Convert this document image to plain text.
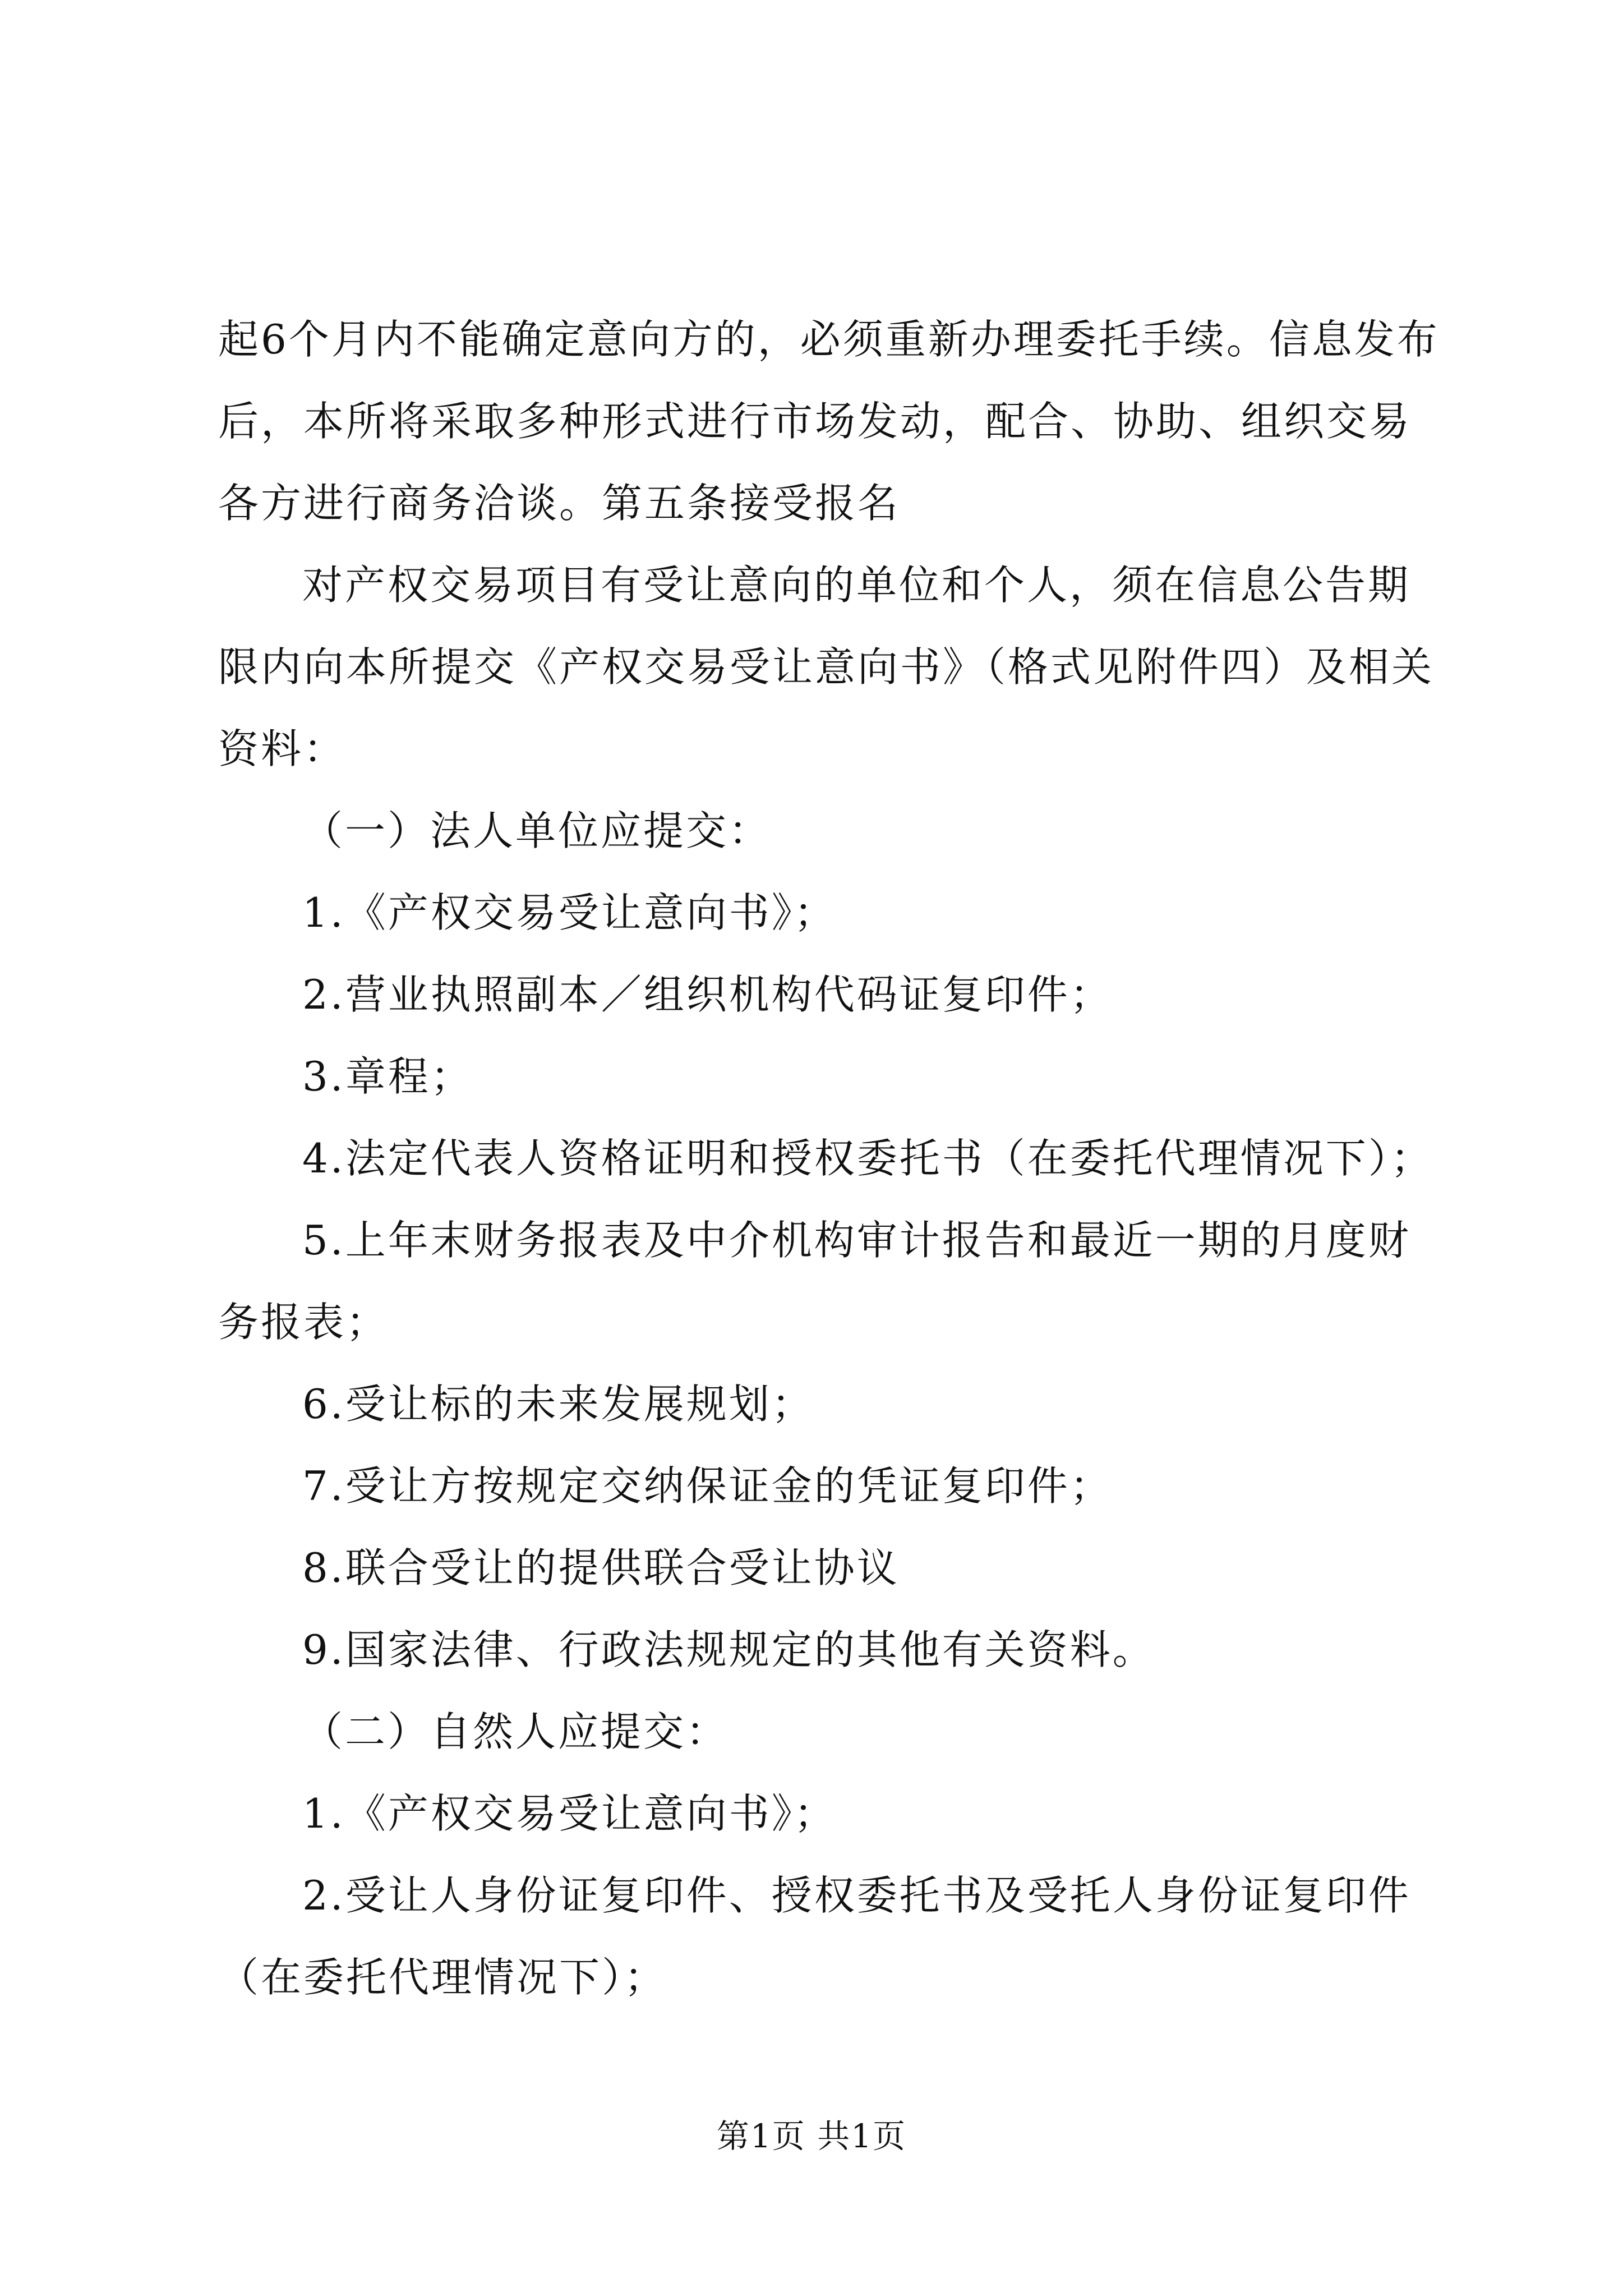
起6个月内不能确定意向方的，必须重新办理委托手续。信息发布后，本所将采取多种形式进行市场发动，配合、协助、组织交易各方进行商务洽谈。第五条接受报名

对产权交易项目有受让意向的单位和个人，须在信息公告期限内向本所提交《产权交易受让意向书》（格式见附件四）及相关资料：

（一）法人单位应提交：

1.《产权交易受让意向书》；

2.营业执照副本／组织机构代码证复印件；

3.章程；

4.法定代表人资格证明和授权委托书（在委托代理情况下）；

5.上年末财务报表及中介机构审计报告和最近一期的月度财务报表；

6.受让标的未来发展规划；

7.受让方按规定交纳保证金的凭证复印件；

8.联合受让的提供联合受让协议

9.国家法律、行政法规规定的其他有关资料。

（二）自然人应提交：

1.《产权交易受让意向书》；

2.受让人身份证复印件、授权委托书及受托人身份证复印件（在委托代理情况下）；

第1页 共1页
